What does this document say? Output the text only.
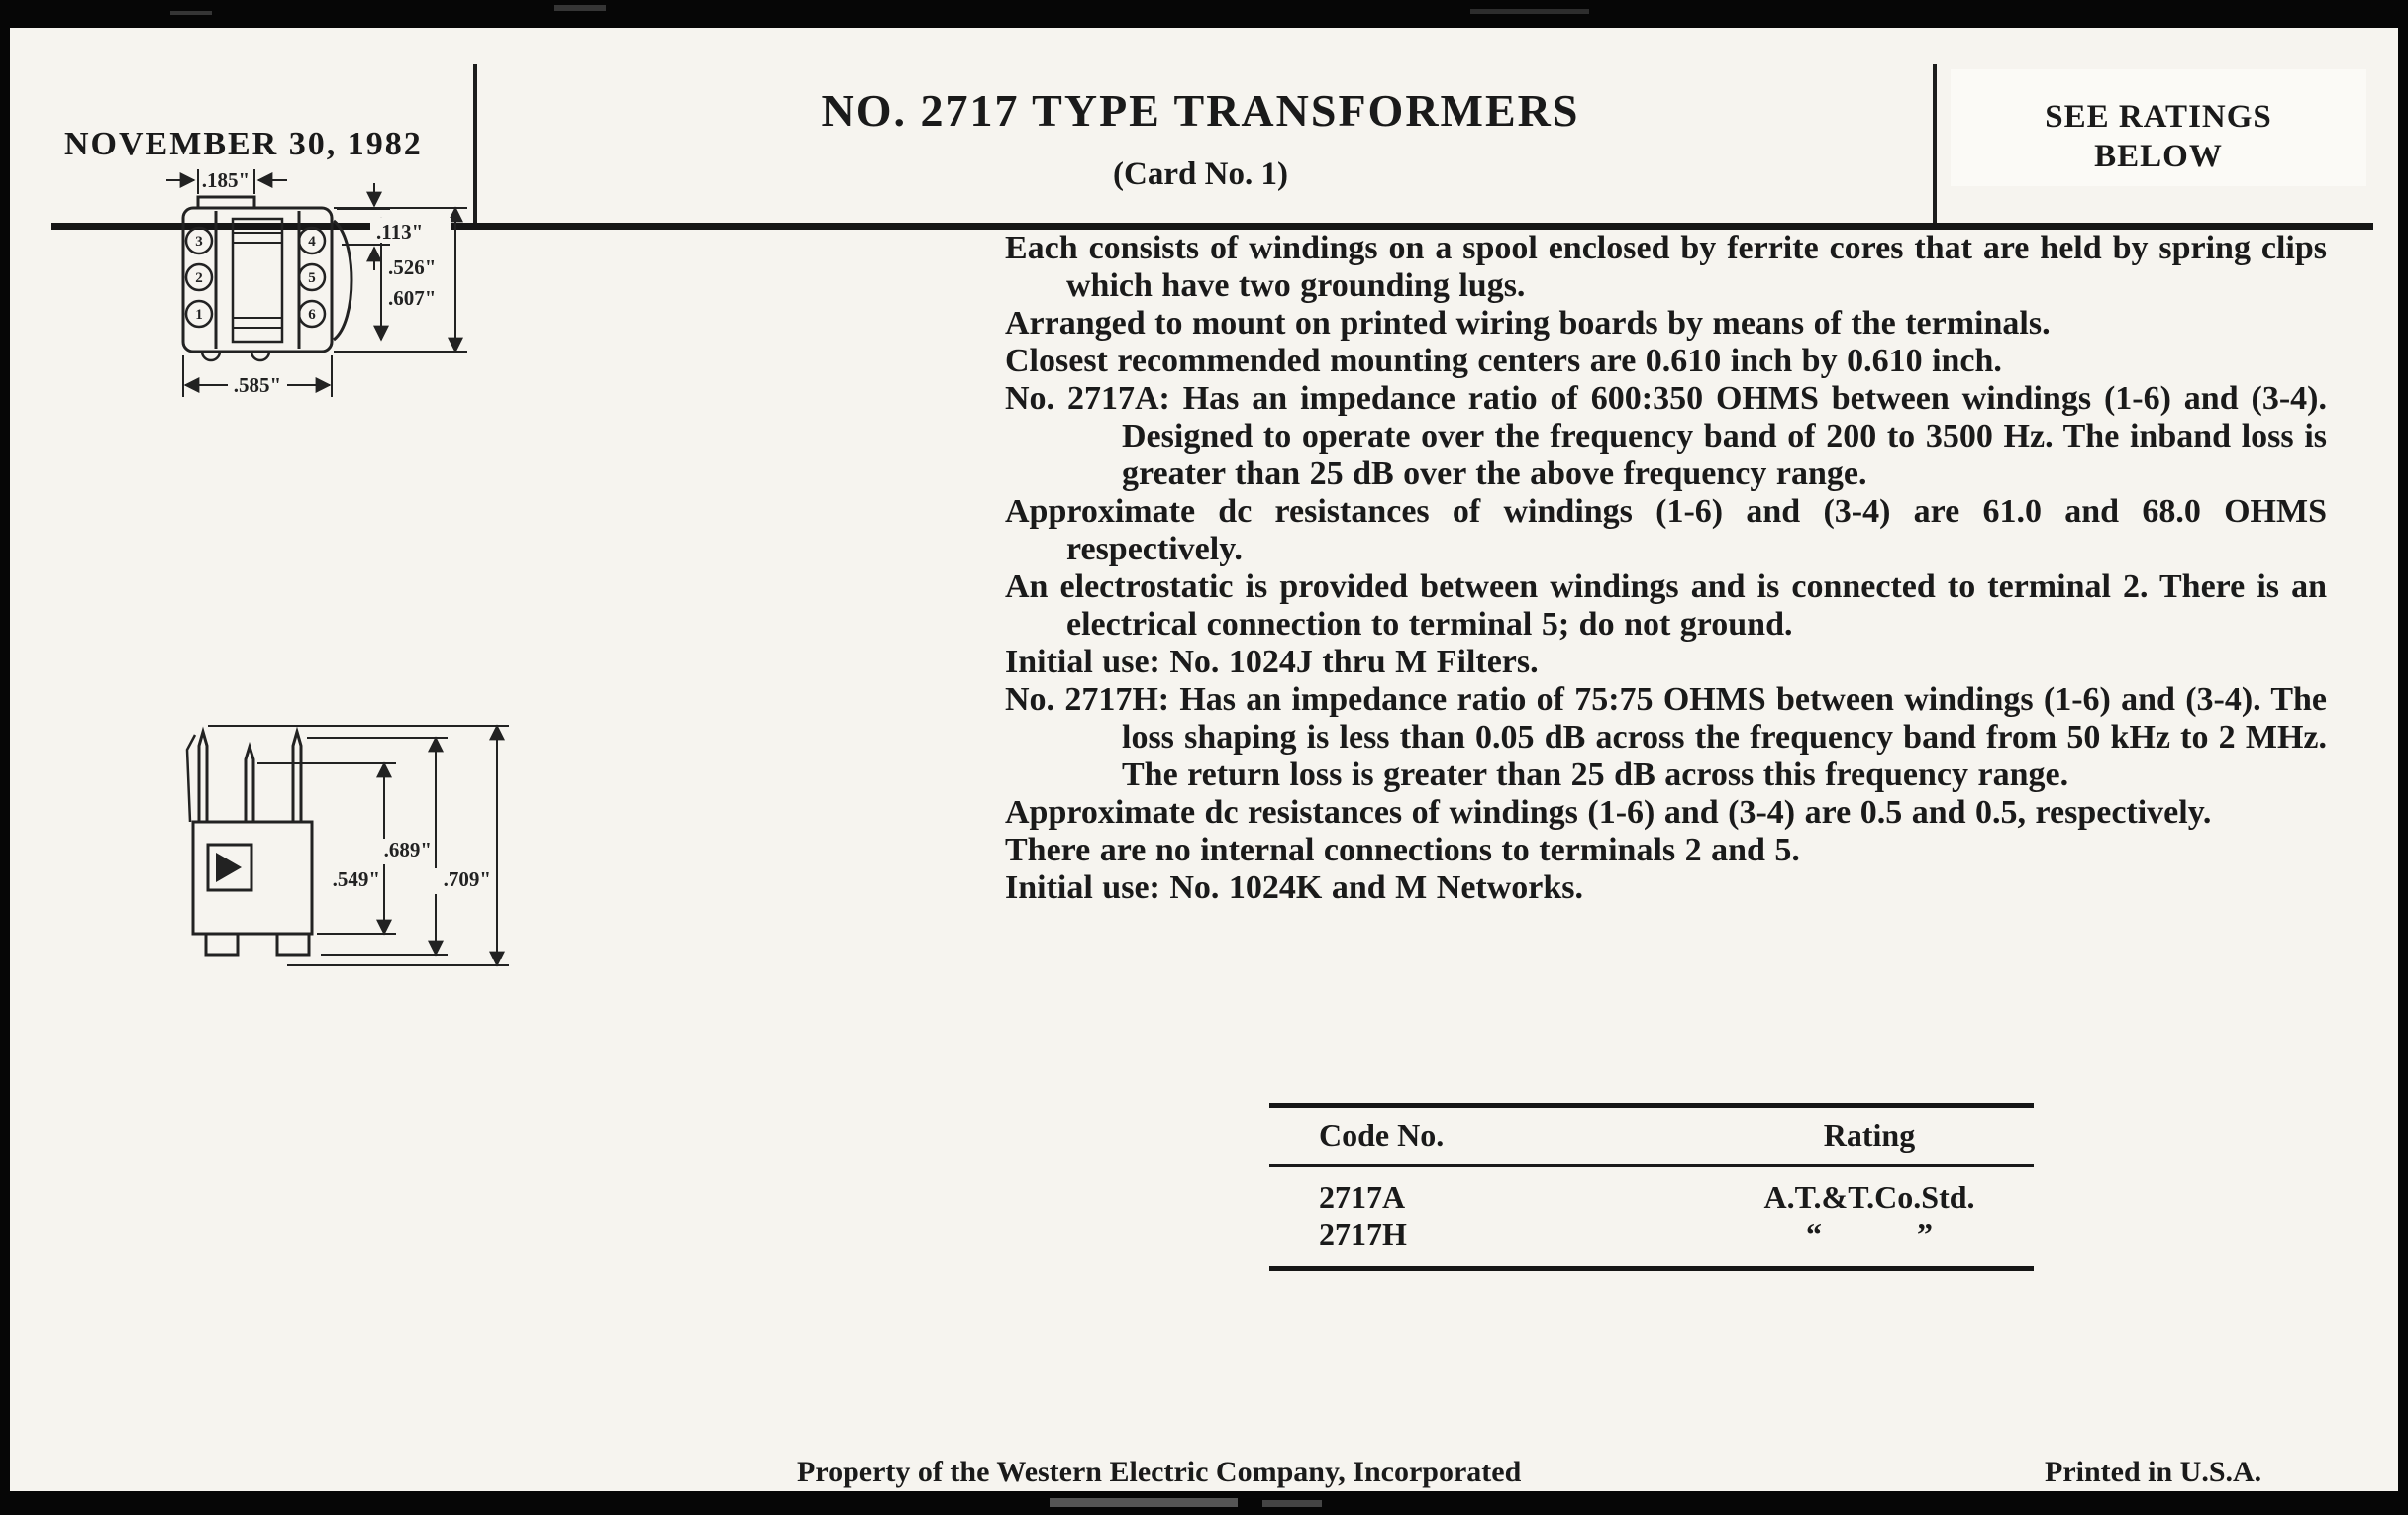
NOVEMBER 30, 1982
NO. 2717 TYPE TRANSFORMERS
(Card No. 1)
SEE RATINGS
BELOW
3
2
1
4
5
6
.185"
.113"
.526"
.607"
.585"
.549"
.689"
.709"

Each consists of windings on a spool enclosed by ferrite cores that are held by spring clips which have two grounding lugs.

Arranged to mount on printed wiring boards by means of the terminals.

Closest recommended mounting centers are 0.610 inch by 0.610 inch.

No. 2717A: Has an impedance ratio of 600:350 OHMS between windings (1-6) and (3-4). Designed to operate over the frequency band of 200 to 3500 Hz. The inband loss is greater than 25 dB over the above frequency range.

Approximate dc resistances of windings (1-6) and (3-4) are 61.0 and 68.0 OHMS respectively.

An electrostatic is provided between windings and is connected to terminal 2. There is an electrical connection to terminal 5; do not ground.

Initial use: No. 1024J thru M Filters.

No. 2717H: Has an impedance ratio of 75:75 OHMS between windings (1-6) and (3-4). The loss shaping is less than 0.05 dB across the frequency band from 50 kHz to 2 MHz. The return loss is greater than 25 dB across this frequency range.

Approximate dc resistances of windings (1-6) and (3-4) are 0.5 and 0.5, respectively.

There are no internal connections to terminals 2 and 5.

Initial use: No. 1024K and M Networks.

Code No.	Rating
2717A	A.T.&T.Co.Std.
2717H	“            ”
Property of the Western Electric Company, Incorporated	Printed in U.S.A.
